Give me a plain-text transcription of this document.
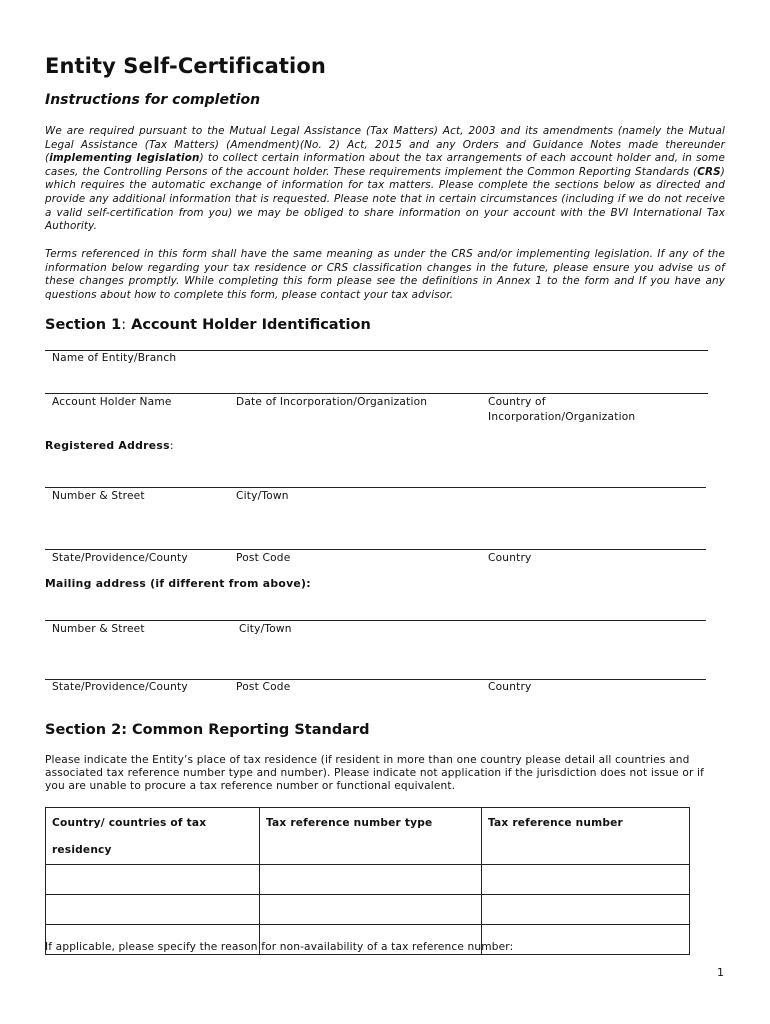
Entity Self-Certification
Instructions for completion
We are required pursuant to the Mutual Legal Assistance (Tax Matters) Act, 2003 and its amendments (namely the Mutual Legal Assistance (Tax Matters) (Amendment)(No. 2) Act, 2015 and any Orders and Guidance Notes made thereunder (implementing legislation) to collect certain information about the tax arrangements of each account holder and, in some cases, the Controlling Persons of the account holder. These requirements implement the Common Reporting Standards (CRS) which requires the automatic exchange of information for tax matters. Please complete the sections below as directed and provide any additional information that is requested. Please note that in certain circumstances (including if we do not receive a valid self-certification from you) we may be obliged to share information on your account with the BVI International Tax Authority.
Terms referenced in this form shall have the same meaning as under the CRS and/or implementing legislation. If any of the information below regarding your tax residence or CRS classification changes in the future, please ensure you advise us of these changes promptly. While completing this form please see the definitions in Annex 1 to the form and If you have any questions about how to complete this form, please contact your tax advisor.
Section 1: Account Holder Identification
Name of Entity/Branch
Account Holder Name	Date of Incorporation/Organization	Country of
Incorporation/Organization
Registered Address:
Number & Street	City/Town
State/Providence/County	Post Code	Country
Mailing address (if different from above):
Number & Street	City/Town
State/Providence/County	Post Code	Country
Section 2: Common Reporting Standard
Please indicate the Entity’s place of tax residence (if resident in more than one country please detail all countries and associated tax reference number type and number). Please indicate not application if the jurisdiction does not issue or if you are unable to procure a tax reference number or functional equivalent.
Country/ countries of tax residency	Tax reference number type	Tax reference number

If applicable, please specify the reason for non-availability of a tax reference number:
1
